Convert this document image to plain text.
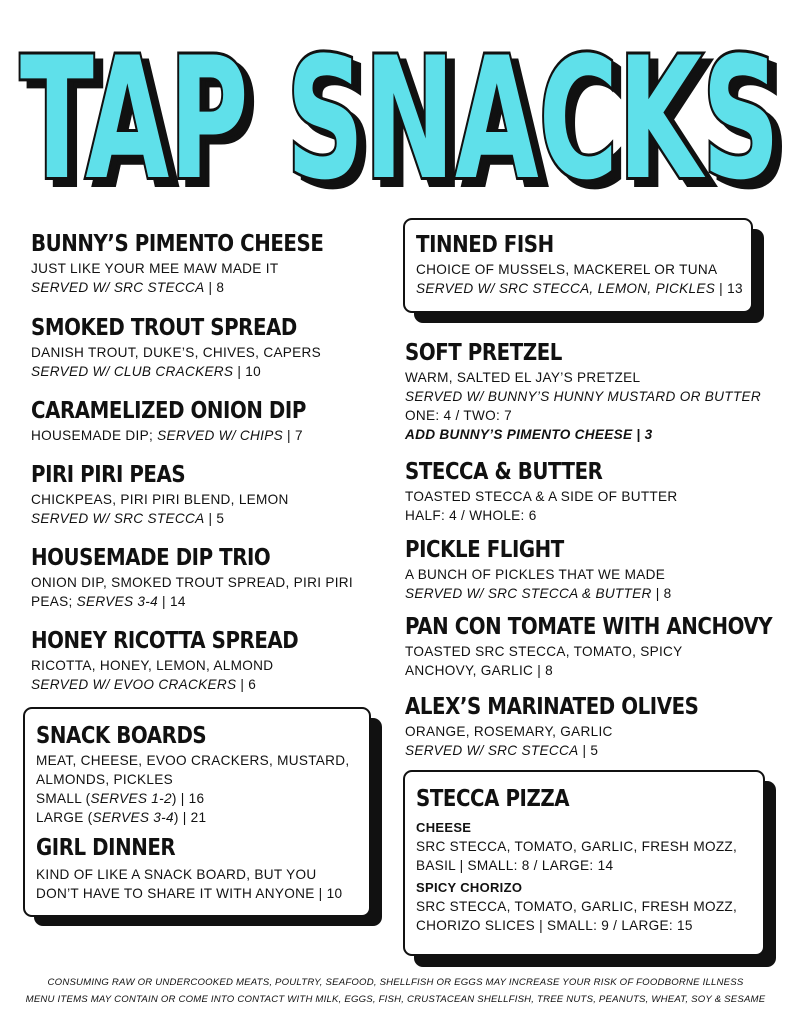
TAP SNACKS
TAP SNACKS
BUNNY’S PIMENTO CHEESE
JUST LIKE YOUR MEE MAW MADE IT
SERVED W/ SRC STECCA | 8
SMOKED TROUT SPREAD
DANISH TROUT, DUKE’S, CHIVES, CAPERS
SERVED W/ CLUB CRACKERS | 10
CARAMELIZED ONION DIP
HOUSEMADE DIP; SERVED W/ CHIPS | 7
PIRI PIRI PEAS
CHICKPEAS, PIRI PIRI BLEND, LEMON
SERVED W/ SRC STECCA | 5
HOUSEMADE DIP TRIO
ONION DIP, SMOKED TROUT SPREAD, PIRI PIRI
PEAS; SERVES 3-4 | 14
HONEY RICOTTA SPREAD
RICOTTA, HONEY, LEMON, ALMOND
SERVED W/ EVOO CRACKERS | 6
SNACK BOARDS
MEAT, CHEESE, EVOO CRACKERS, MUSTARD,
ALMONDS, PICKLES
SMALL (SERVES 1-2) | 16
LARGE (SERVES 3-4) | 21
GIRL DINNER
KIND OF LIKE A SNACK BOARD, BUT YOU
DON’T HAVE TO SHARE IT WITH ANYONE | 10
TINNED FISH
CHOICE OF MUSSELS, MACKEREL OR TUNA
SERVED W/ SRC STECCA, LEMON, PICKLES | 13
SOFT PRETZEL
WARM, SALTED EL JAY’S PRETZEL
SERVED W/ BUNNY’S HUNNY MUSTARD OR BUTTER
ONE: 4 / TWO: 7
ADD BUNNY’S PIMENTO CHEESE | 3
STECCA & BUTTER
TOASTED STECCA & A SIDE OF BUTTER
HALF: 4 / WHOLE: 6
PICKLE FLIGHT
A BUNCH OF PICKLES THAT WE MADE
SERVED W/ SRC STECCA & BUTTER | 8
PAN CON TOMATE WITH ANCHOVY
TOASTED SRC STECCA, TOMATO, SPICY
ANCHOVY, GARLIC | 8
ALEX’S MARINATED OLIVES
ORANGE, ROSEMARY, GARLIC
SERVED W/ SRC STECCA | 5
STECCA PIZZA
CHEESE
SRC STECCA, TOMATO, GARLIC, FRESH MOZZ,
BASIL | SMALL: 8 / LARGE: 14
SPICY CHORIZO
SRC STECCA, TOMATO, GARLIC, FRESH MOZZ,
CHORIZO SLICES | SMALL: 9 / LARGE: 15
CONSUMING RAW OR UNDERCOOKED MEATS, POULTRY, SEAFOOD, SHELLFISH OR EGGS MAY INCREASE YOUR RISK OF FOODBORNE ILLNESS
MENU ITEMS MAY CONTAIN OR COME INTO CONTACT WITH MILK, EGGS, FISH, CRUSTACEAN SHELLFISH, TREE NUTS, PEANUTS, WHEAT, SOY & SESAME
